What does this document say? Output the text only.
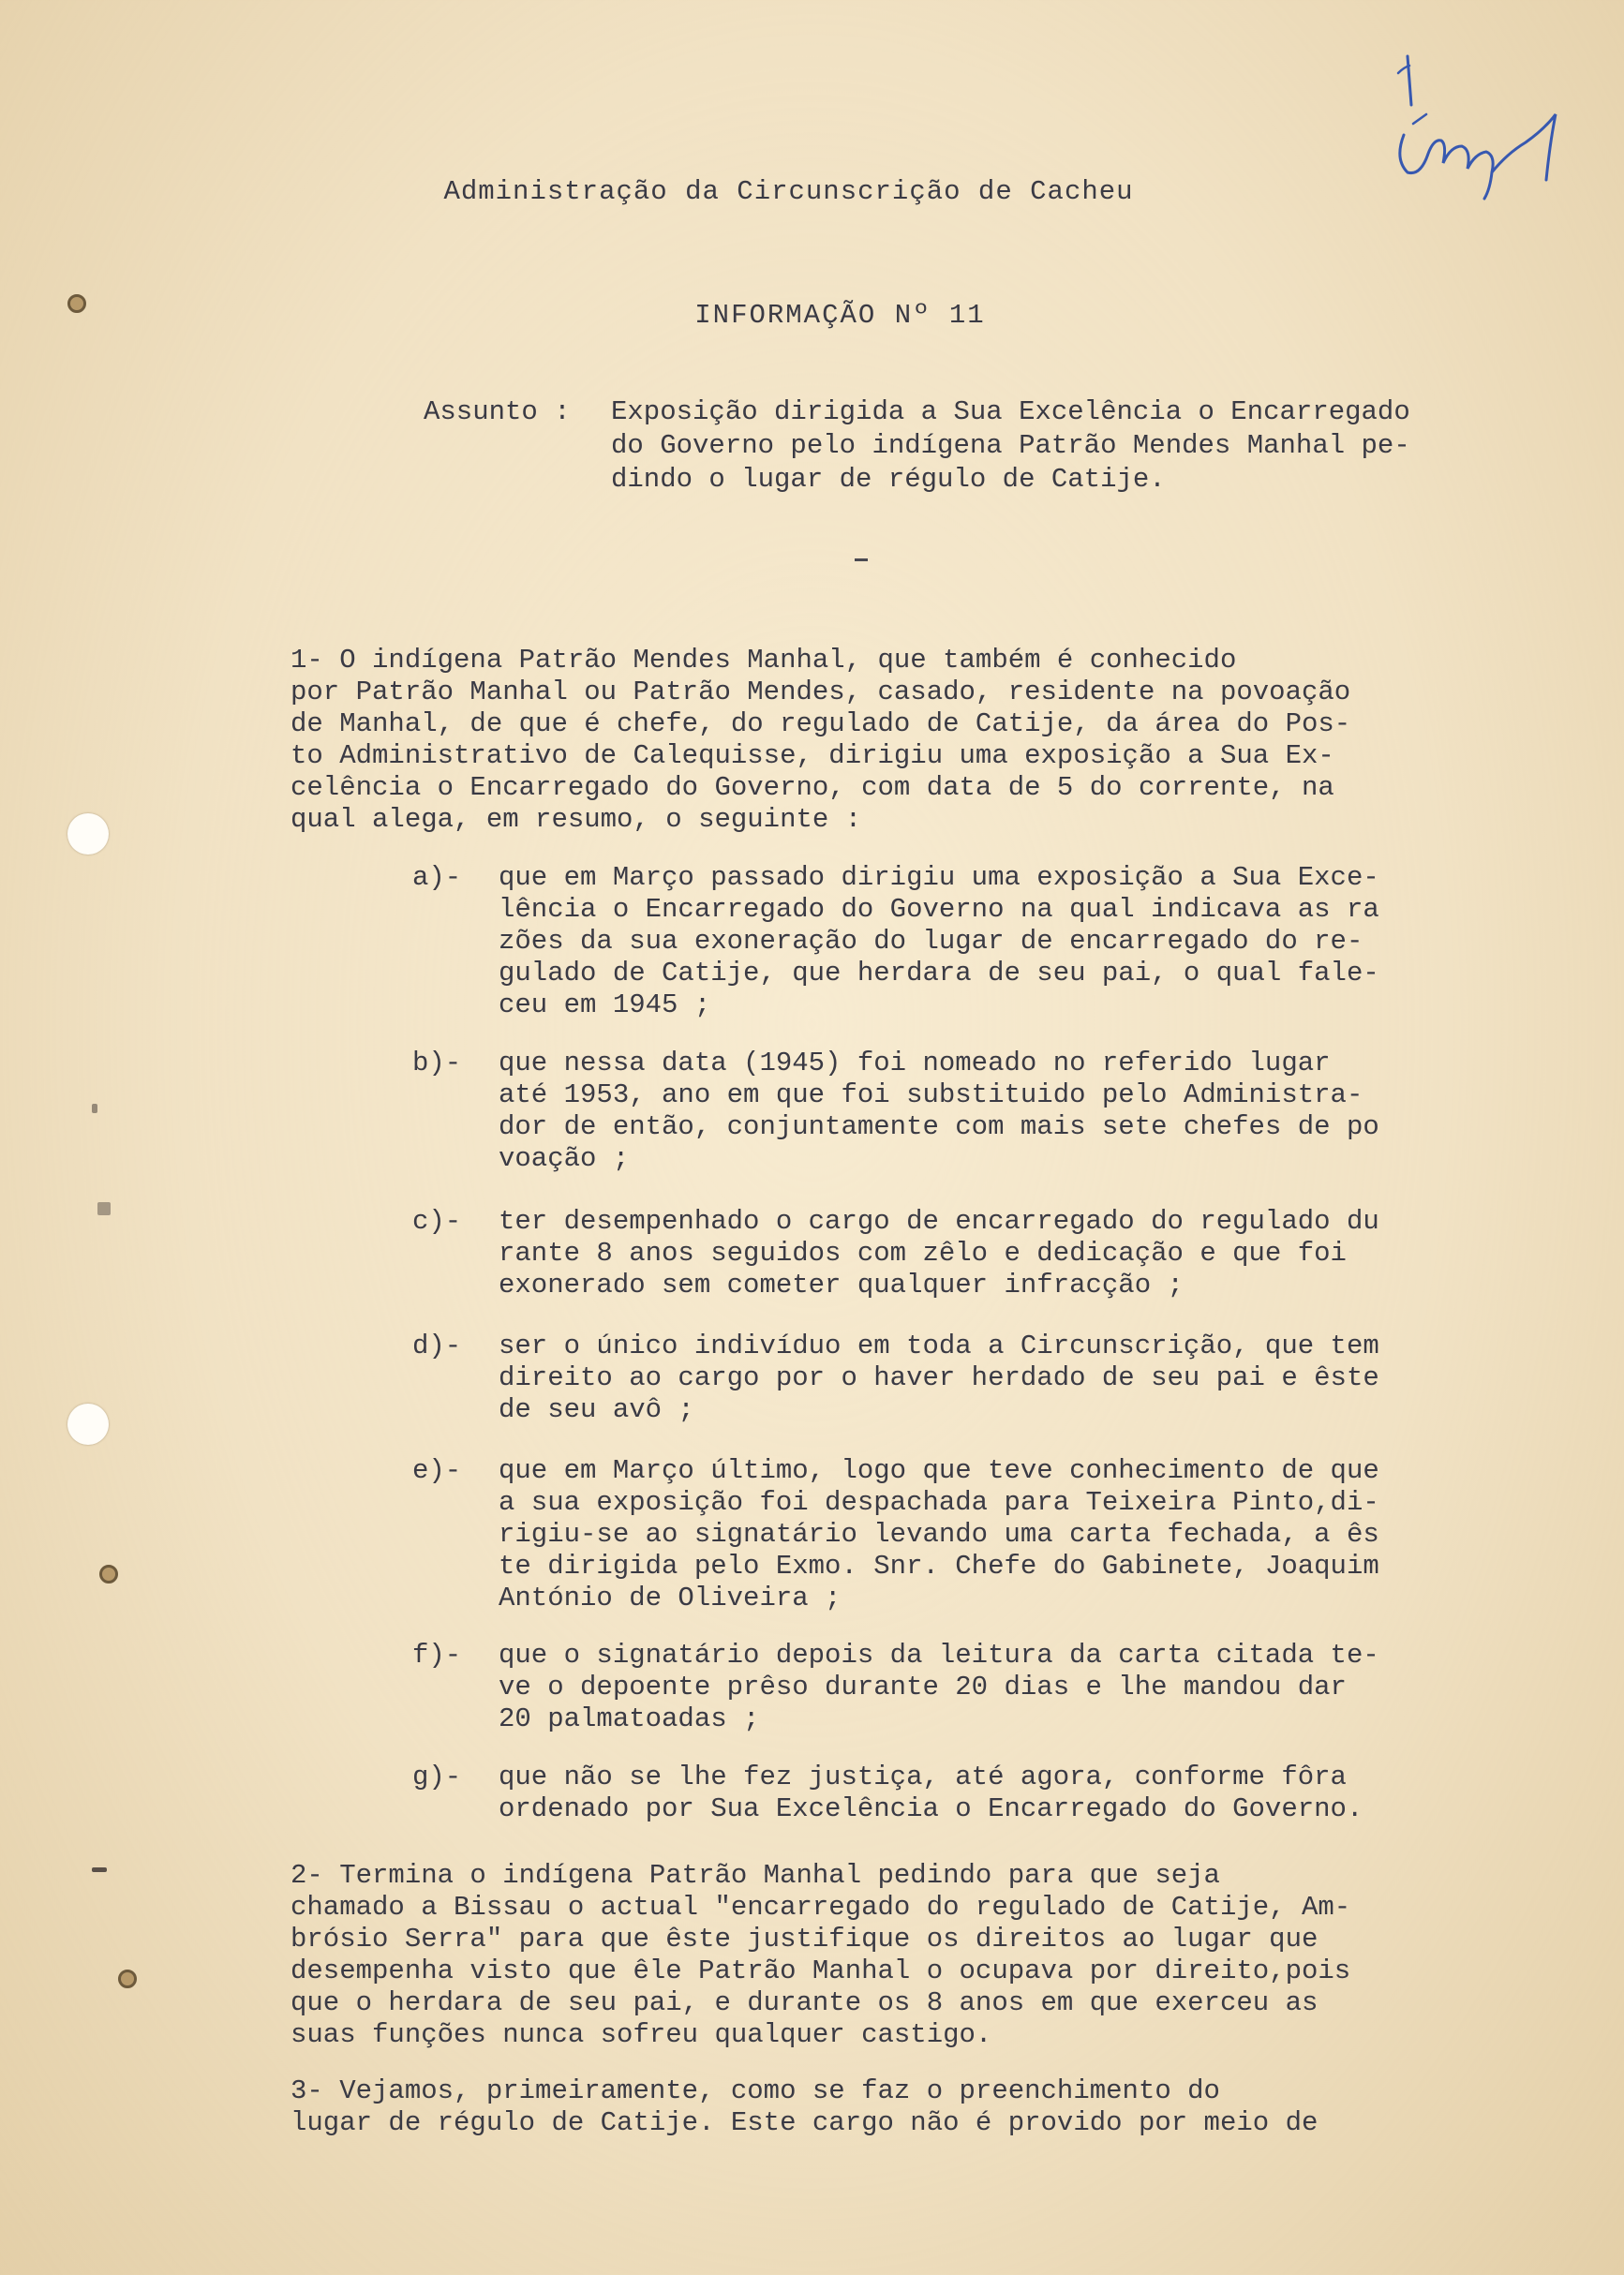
Administração da Circunscrição de Cacheu
INFORMAÇÃO Nº 11
Assunto :	Exposição dirigida a Sua Excelência o Encarregado
do Governo pelo indígena Patrão Mendes Manhal pe-
dindo o lugar de régulo de Catije.
1- O indígena Patrão Mendes Manhal, que também é conhecido
por Patrão Manhal ou Patrão Mendes, casado, residente na povoação
de Manhal, de que é chefe, do regulado de Catije, da área do Pos-
to Administrativo de Calequisse, dirigiu uma exposição a Sua Ex-
celência o Encarregado do Governo, com data de 5 do corrente, na
qual alega, em resumo, o seguinte :
a)-	que em Março passado dirigiu uma exposição a Sua Exce-
lência o Encarregado do Governo na qual indicava as ra
zões da sua exoneração do lugar de encarregado do re-
gulado de Catije, que herdara de seu pai, o qual fale-
ceu em 1945 ;
b)-	que nessa data (1945) foi nomeado no referido lugar
até 1953, ano em que foi substituido pelo Administra-
dor de então, conjuntamente com mais sete chefes de po
voação ;
c)-	ter desempenhado o cargo de encarregado do regulado du
rante 8 anos seguidos com zêlo e dedicação e que foi
exonerado sem cometer qualquer infracção ;
d)-	ser o único indivíduo em toda a Circunscrição, que tem
direito ao cargo por o haver herdado de seu pai e êste
de seu avô ;
e)-	que em Março último, logo que teve conhecimento de que
a sua exposição foi despachada para Teixeira Pinto,di-
rigiu-se ao signatário levando uma carta fechada, a ês
te dirigida pelo Exmo. Snr. Chefe do Gabinete, Joaquim
António de Oliveira ;
f)-	que o signatário depois da leitura da carta citada te-
ve o depoente prêso durante 20 dias e lhe mandou dar
20 palmatoadas ;
g)-	que não se lhe fez justiça, até agora, conforme fôra
ordenado por Sua Excelência o Encarregado do Governo.
2- Termina o indígena Patrão Manhal pedindo para que seja
chamado a Bissau o actual "encarregado do regulado de Catije, Am-
brósio Serra" para que êste justifique os direitos ao lugar que
desempenha visto que êle Patrão Manhal o ocupava por direito,pois
que o herdara de seu pai, e durante os 8 anos em que exerceu as
suas funções nunca sofreu qualquer castigo.
3- Vejamos, primeiramente, como se faz o preenchimento do
lugar de régulo de Catije. Este cargo não é provido por meio de
